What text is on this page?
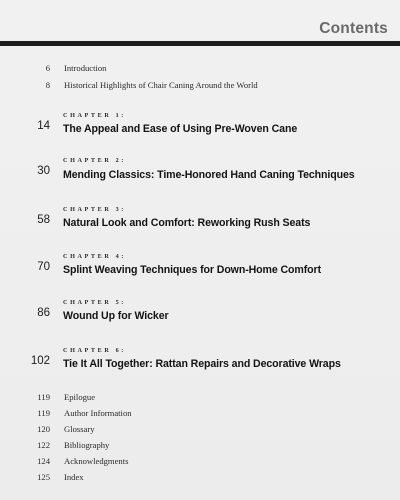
Contents
6 Introduction
8 Historical Highlights of Chair Caning Around the World
CHAPTER 1:
14 The Appeal and Ease of Using Pre-Woven Cane
CHAPTER 2:
30 Mending Classics: Time-Honored Hand Caning Techniques
CHAPTER 3:
58 Natural Look and Comfort: Reworking Rush Seats
CHAPTER 4:
70 Splint Weaving Techniques for Down-Home Comfort
CHAPTER 5:
86 Wound Up for Wicker
CHAPTER 6:
102 Tie It All Together: Rattan Repairs and Decorative Wraps
119 Epilogue
119 Author Information
120 Glossary
122 Bibliography
124 Acknowledgments
125 Index
